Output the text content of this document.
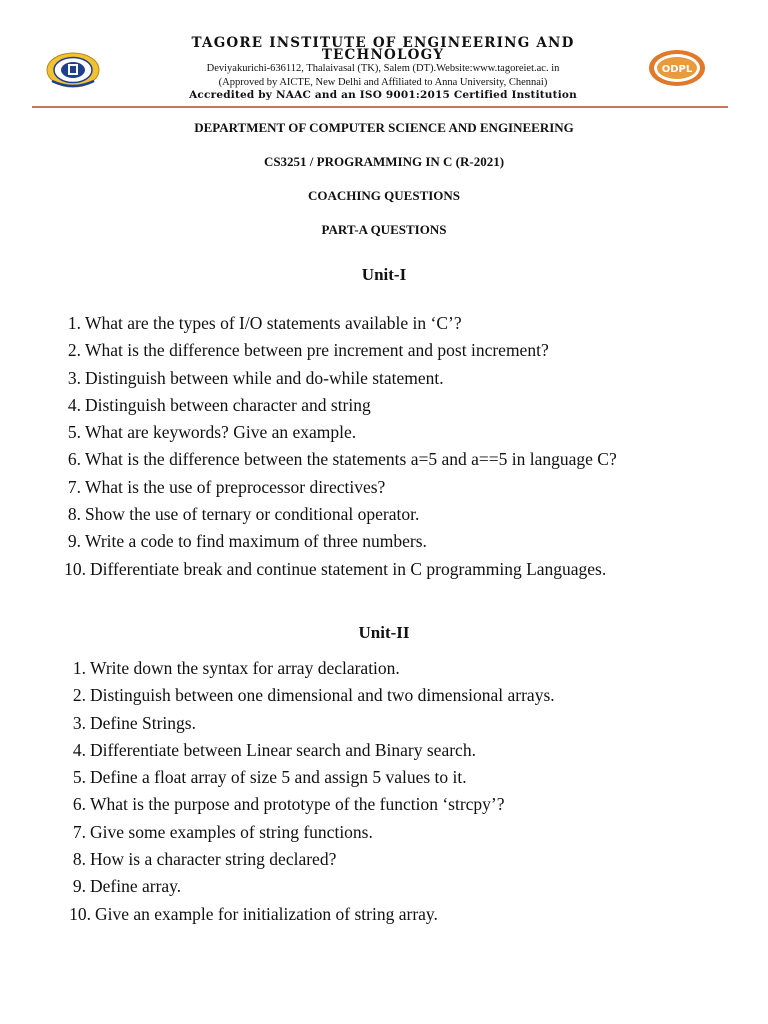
TAGORE INSTITUTE OF ENGINEERING AND
TECHNOLOGY
Deviyakurichi-636112, Thalaivasal (TK), Salem (DT).Website:www.tagoreiet.ac. in
(Approved by AICTE, New Delhi and Affiliated to Anna University, Chennai)
Accredited by NAAC and an ISO 9001:2015 Certified Institution
ODPL
DEPARTMENT OF COMPUTER SCIENCE AND ENGINEERING
CS3251 / PROGRAMMING IN C (R-2021)
COACHING QUESTIONS
PART-A QUESTIONS
Unit-I
1. What are the types of I/O statements available in ‘C’?
2. What is the difference between pre increment and post increment?
3. Distinguish between while and do-while statement.
4. Distinguish between character and string
5. What are keywords? Give an example.
6. What is the difference between the statements a=5 and a==5 in language C?
7. What is the use of preprocessor directives?
8. Show the use of ternary or conditional operator.
9. Write a code to find maximum of three numbers.
10. Differentiate break and continue statement in C programming Languages.
Unit-II
1. Write down the syntax for array declaration.
2. Distinguish between one dimensional and two dimensional arrays.
3. Define Strings.
4. Differentiate between Linear search and Binary search.
5. Define a float array of size 5 and assign 5 values to it.
6. What is the purpose and prototype of the function ‘strcpy’?
7. Give some examples of string functions.
8. How is a character string declared?
9. Define array.
10. Give an example for initialization of string array.
